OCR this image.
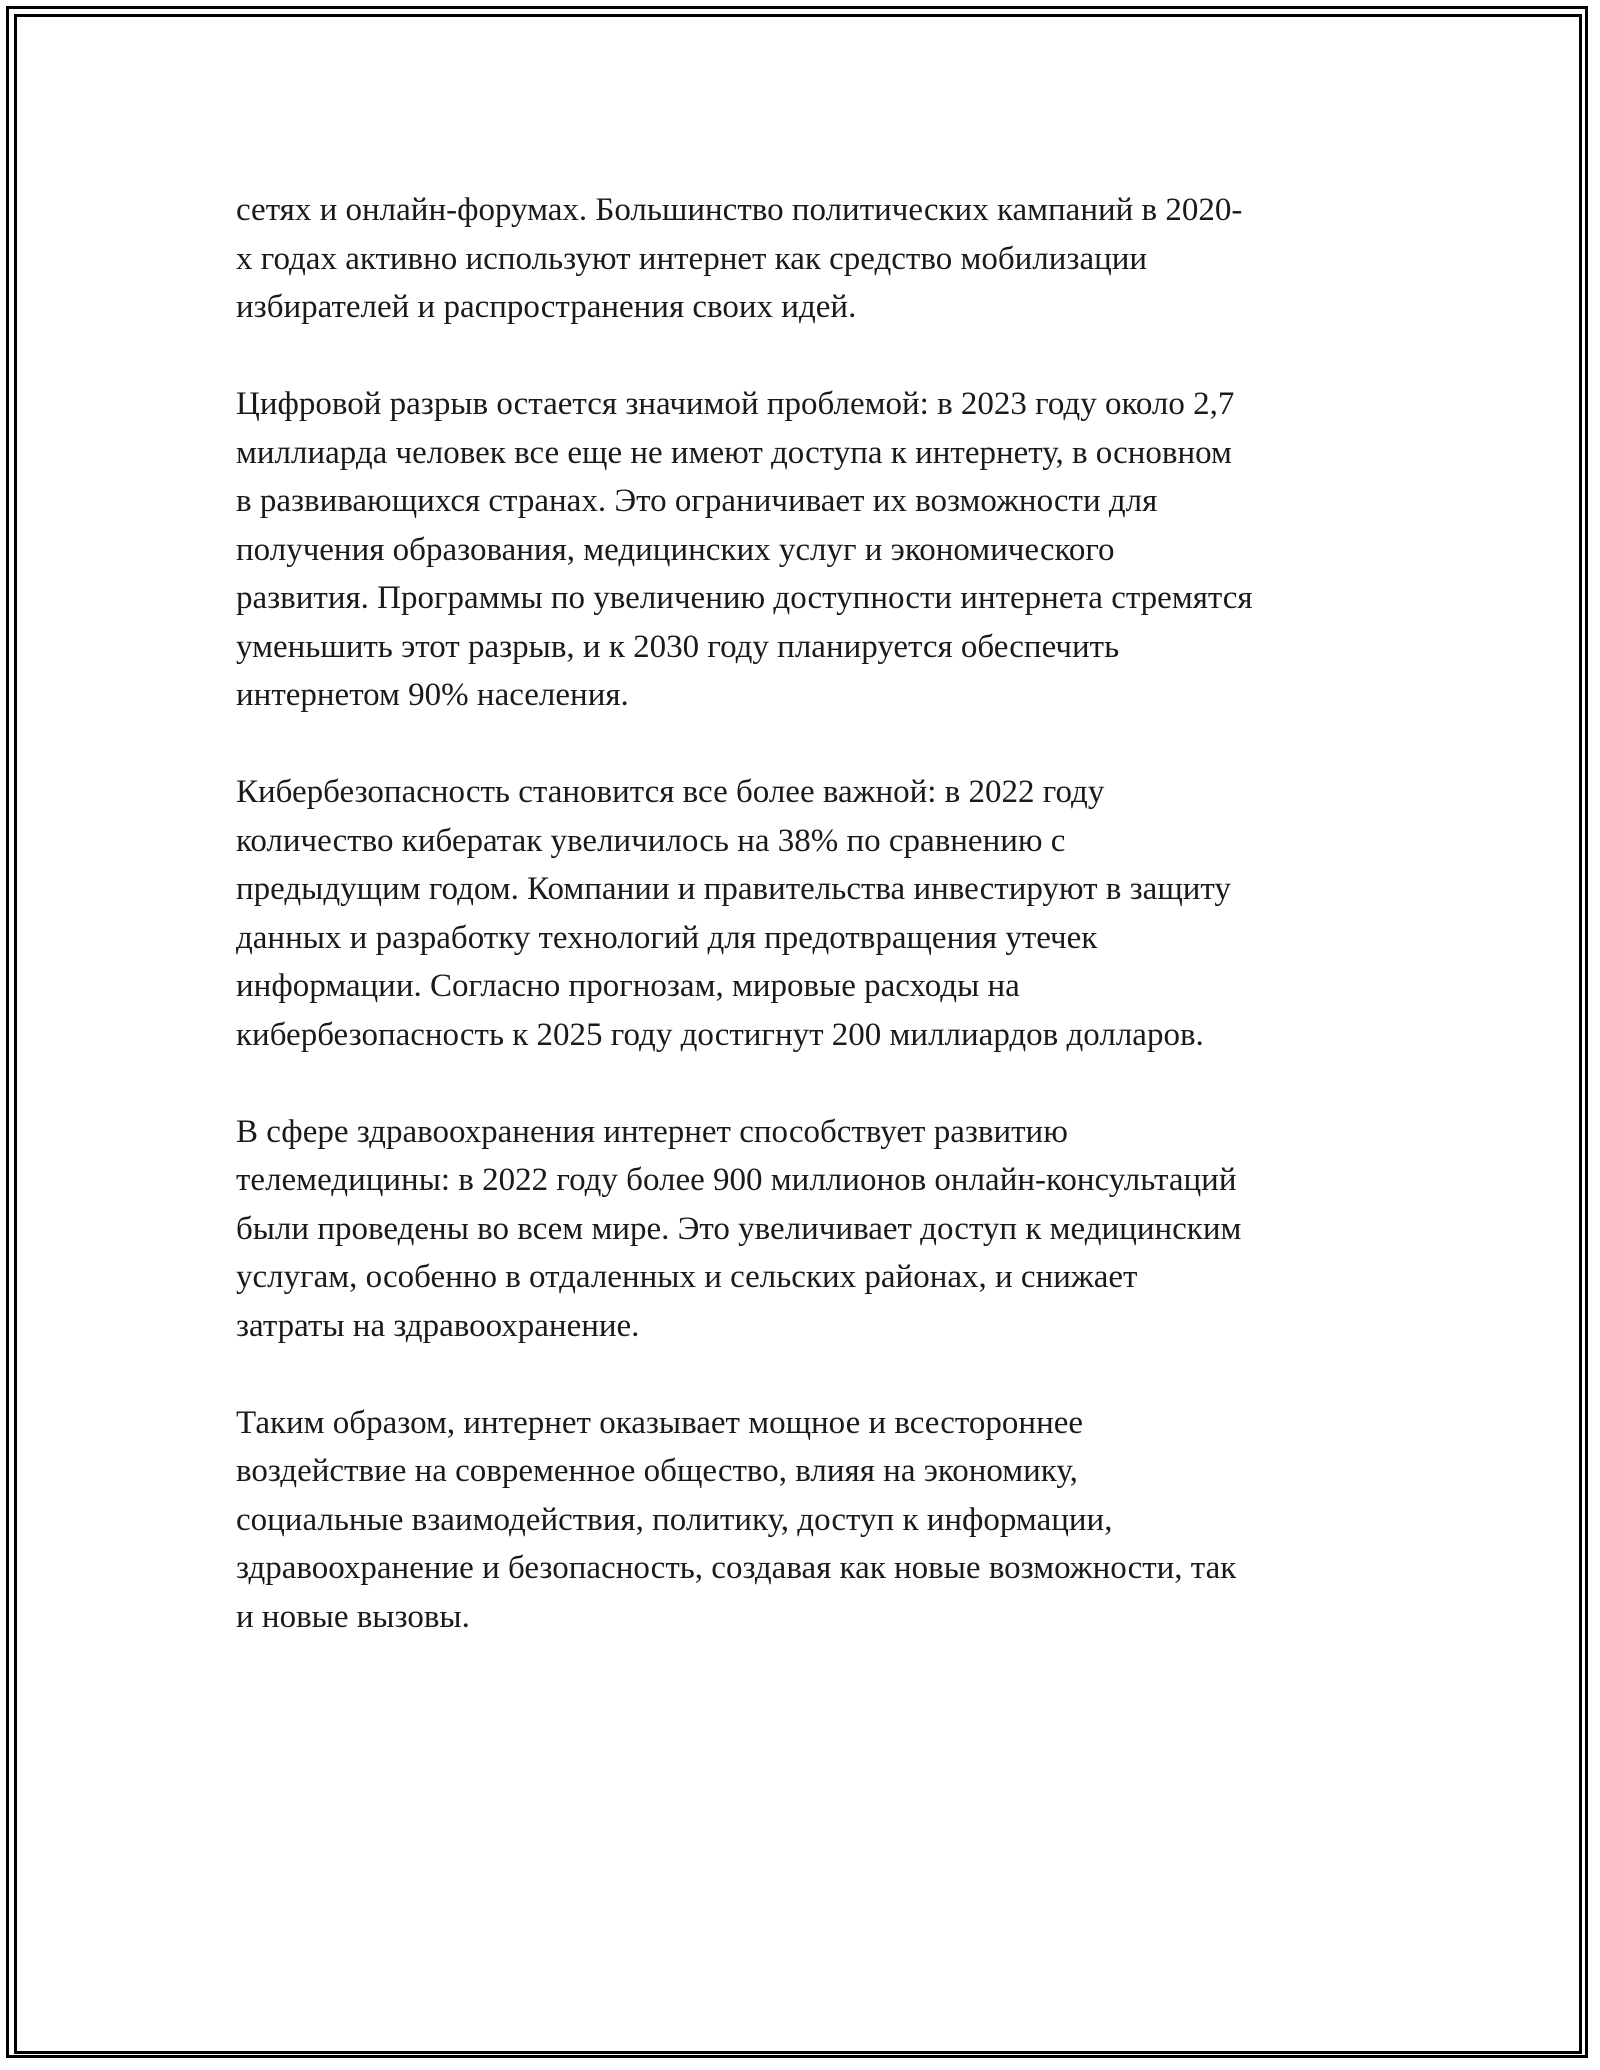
сетях и онлайн-форумах. Большинство политических кампаний в 2020-
х годах активно используют интернет как средство мобилизации
избирателей и распространения своих идей.

Цифровой разрыв остается значимой проблемой: в 2023 году около 2,7
миллиарда человек все еще не имеют доступа к интернету, в основном
в развивающихся странах. Это ограничивает их возможности для
получения образования, медицинских услуг и экономического
развития. Программы по увеличению доступности интернета стремятся
уменьшить этот разрыв, и к 2030 году планируется обеспечить
интернетом 90% населения.

Кибербезопасность становится все более важной: в 2022 году
количество кибератак увеличилось на 38% по сравнению с
предыдущим годом. Компании и правительства инвестируют в защиту
данных и разработку технологий для предотвращения утечек
информации. Согласно прогнозам, мировые расходы на
кибербезопасность к 2025 году достигнут 200 миллиардов долларов.

В сфере здравоохранения интернет способствует развитию
телемедицины: в 2022 году более 900 миллионов онлайн-консультаций
были проведены во всем мире. Это увеличивает доступ к медицинским
услугам, особенно в отдаленных и сельских районах, и снижает
затраты на здравоохранение.

Таким образом, интернет оказывает мощное и всестороннее
воздействие на современное общество, влияя на экономику,
социальные взаимодействия, политику, доступ к информации,
здравоохранение и безопасность, создавая как новые возможности, так
и новые вызовы.
